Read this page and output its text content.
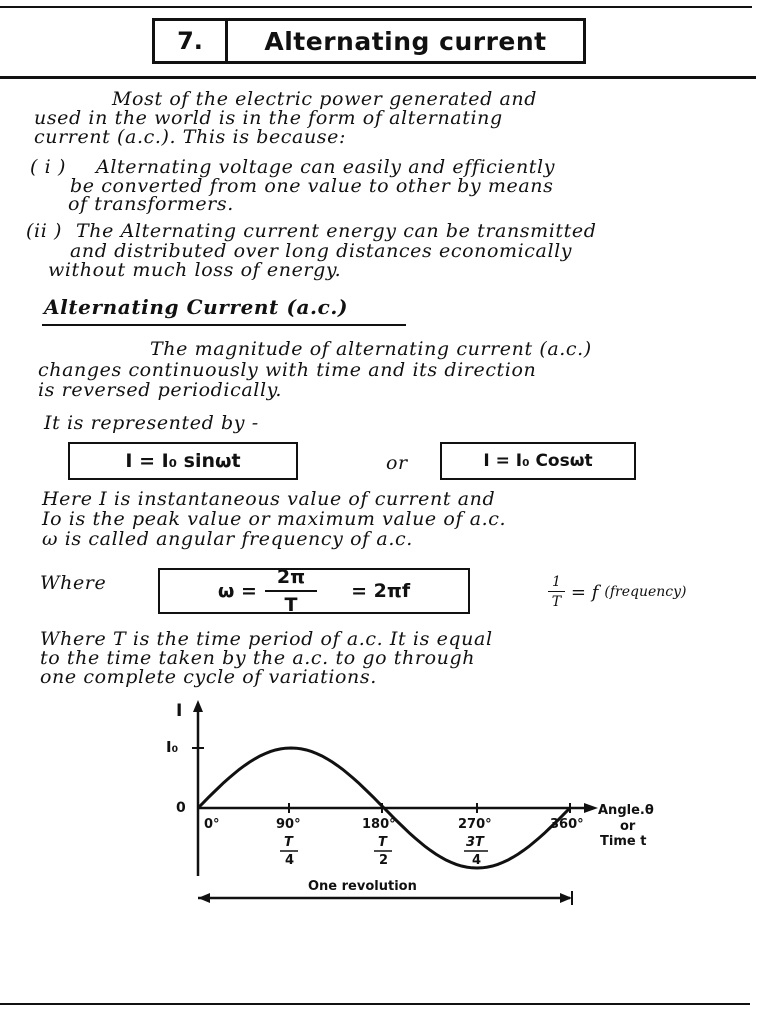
7.	Alternating current
Most of the electric power generated and
used in the world is in the form of alternating
current (a.c.). This is because:
( i ) Alternating voltage can easily and efficiently
be converted from one value to other by means
of transformers.
(ii ) The Alternating current energy can be transmitted
and distributed over long distances economically
without much loss of energy.
Alternating Current (a.c.)
The magnitude of alternating current (a.c.)
changes continuously with time and its direction
is reversed periodically.
It is represented by -
I = I₀ sinωt	or	I = I₀ Cosωt
Here I is instantaneous value of current and
Io is the peak value or maximum value of a.c.
ω is called angular frequency of a.c.
Where	$\omega = \frac{2\pi}{T} = 2\pi f$	$\frac{1}{T} = f$ (frequency)
Where T is the time period of a.c. It is equal
to the time taken by the a.c. to go through
one complete cycle of variations.
I
I₀
0
0°	90°	180°	270°	360°
T
4
T
2
3T
4
Angle.θ
or
Time t
One revolution
